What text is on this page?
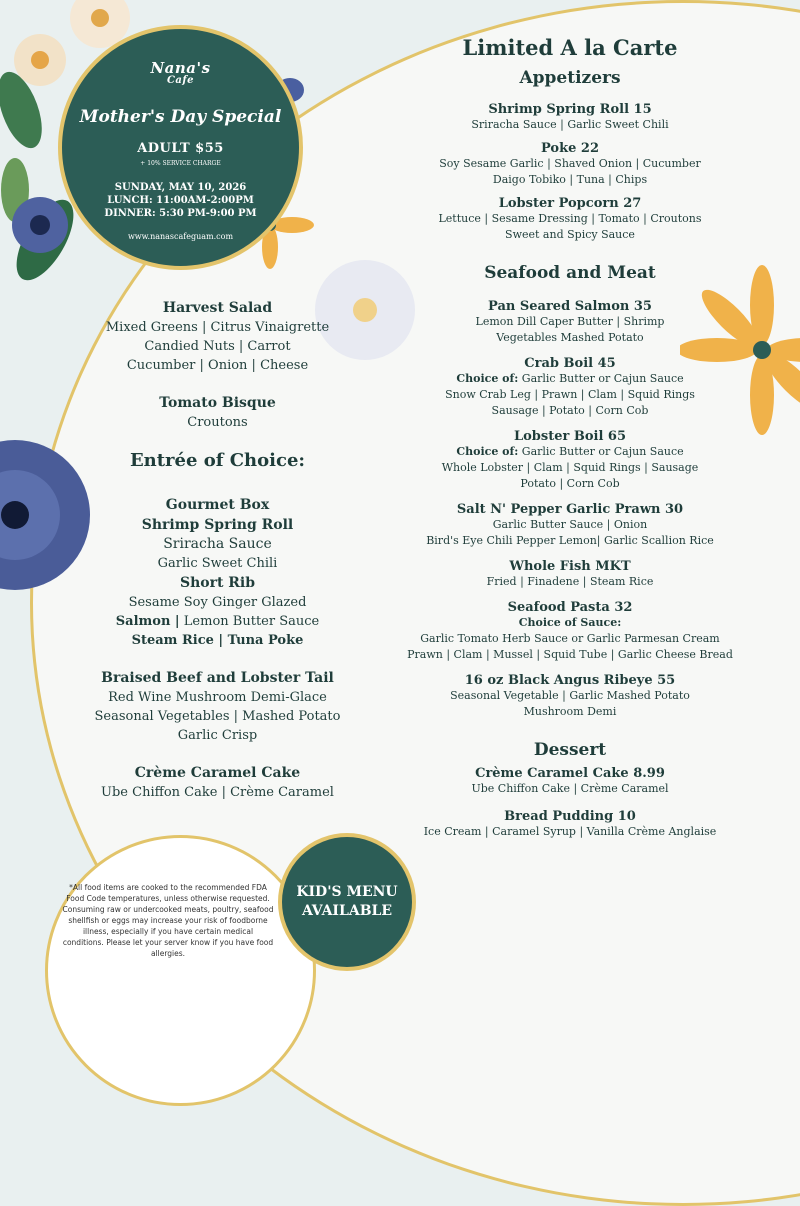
Nana's
Cafe
Mother's Day Special
ADULT $55
+ 10% SERVICE CHARGE
SUNDAY, MAY 10, 2026
LUNCH: 11:00AM-2:00PM
DINNER: 5:30 PM-9:00 PM
www.nanascafeguam.com

Harvest Salad

Mixed Greens | Citrus Vinaigrette

Candied Nuts | Carrot

Cucumber | Onion | Cheese

Tomato Bisque

Croutons

Entrée of Choice:

Gourmet Box

Shrimp Spring Roll

Sriracha Sauce

Garlic Sweet Chili

Short Rib

Sesame Soy Ginger Glazed

Salmon | Lemon Butter Sauce

Steam Rice | Tuna Poke

Braised Beef and Lobster Tail

Red Wine Mushroom Demi-Glace

Seasonal Vegetables | Mashed Potato

Garlic Crisp

Crème Caramel Cake

Ube Chiffon Cake | Crème Caramel

Limited A la Carte
Appetizers

Shrimp Spring Roll 15

Sriracha Sauce | Garlic Sweet Chili

Poke 22

Soy Sesame Garlic | Shaved Onion | Cucumber

Daigo Tobiko | Tuna | Chips

Lobster Popcorn 27

Lettuce | Sesame Dressing | Tomato | Croutons

Sweet and Spicy Sauce

Seafood and Meat

Pan Seared Salmon 35

Lemon Dill Caper Butter | Shrimp

Vegetables Mashed Potato

Crab Boil 45

Choice of: Garlic Butter or Cajun Sauce

Snow Crab Leg | Prawn | Clam | Squid Rings

Sausage | Potato | Corn Cob

Lobster Boil 65

Choice of: Garlic Butter or Cajun Sauce

Whole Lobster | Clam | Squid Rings | Sausage

Potato | Corn Cob

Salt N' Pepper Garlic Prawn 30

Garlic Butter Sauce | Onion

Bird's Eye Chili Pepper Lemon| Garlic Scallion Rice

Whole Fish MKT

Fried | Finadene | Steam Rice

Seafood Pasta 32

Choice of Sauce:

Garlic Tomato Herb Sauce or Garlic Parmesan Cream

Prawn | Clam | Mussel | Squid Tube | Garlic Cheese Bread

16 oz Black Angus Ribeye 55

Seasonal Vegetable | Garlic Mashed Potato

Mushroom Demi

Dessert

Crème Caramel Cake 8.99

Ube Chiffon Cake | Crème Caramel

Bread Pudding 10

Ice Cream | Caramel Syrup | Vanilla Crème Anglaise

*All food items are cooked to the recommended FDA Food Code temperatures, unless otherwise requested. Consuming raw or undercooked meats, poultry, seafood shellfish or eggs may increase your risk of foodborne illness, especially if you have certain medical conditions. Please let your server know if you have food allergies.
KID'S MENU
AVAILABLE
